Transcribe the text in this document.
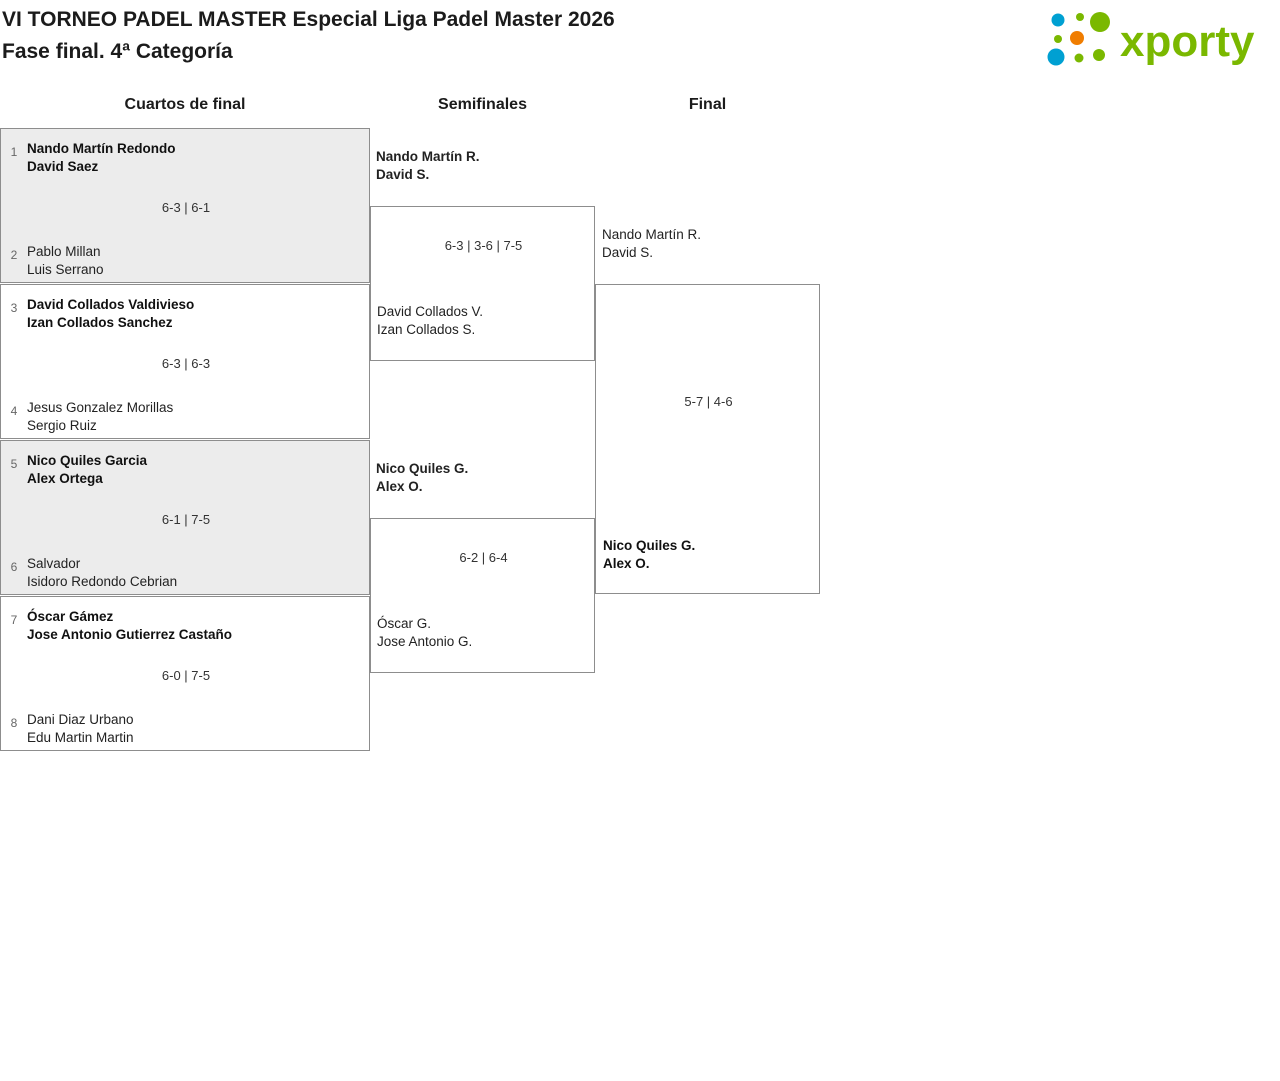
VI TORNEO PADEL MASTER Especial Liga Padel Master 2026
Fase final. 4ª Categoría	xporty
Cuartos de final	Semifinales	Final
1 Nando Martín Redondo
David Saez
6-3 | 6-1
2 Pablo Millan
Luis Serrano
3 David Collados Valdivieso
Izan Collados Sanchez
6-3 | 6-3
4 Jesus Gonzalez Morillas
Sergio Ruiz
5 Nico Quiles Garcia
Alex Ortega
6-1 | 7-5
6 Salvador
Isidoro Redondo Cebrian
7 Óscar Gámez
Jose Antonio Gutierrez Castaño
6-0 | 7-5
8 Dani Diaz Urbano
Edu Martin Martin
Nando Martín R.
David S.
6-3 | 3-6 | 7-5
David Collados V.
Izan Collados S.
Nico Quiles G.
Alex O.
6-2 | 6-4
Óscar G.
Jose Antonio G.
Nando Martín R.
David S.
5-7 | 4-6
Nico Quiles G.
Alex O.
